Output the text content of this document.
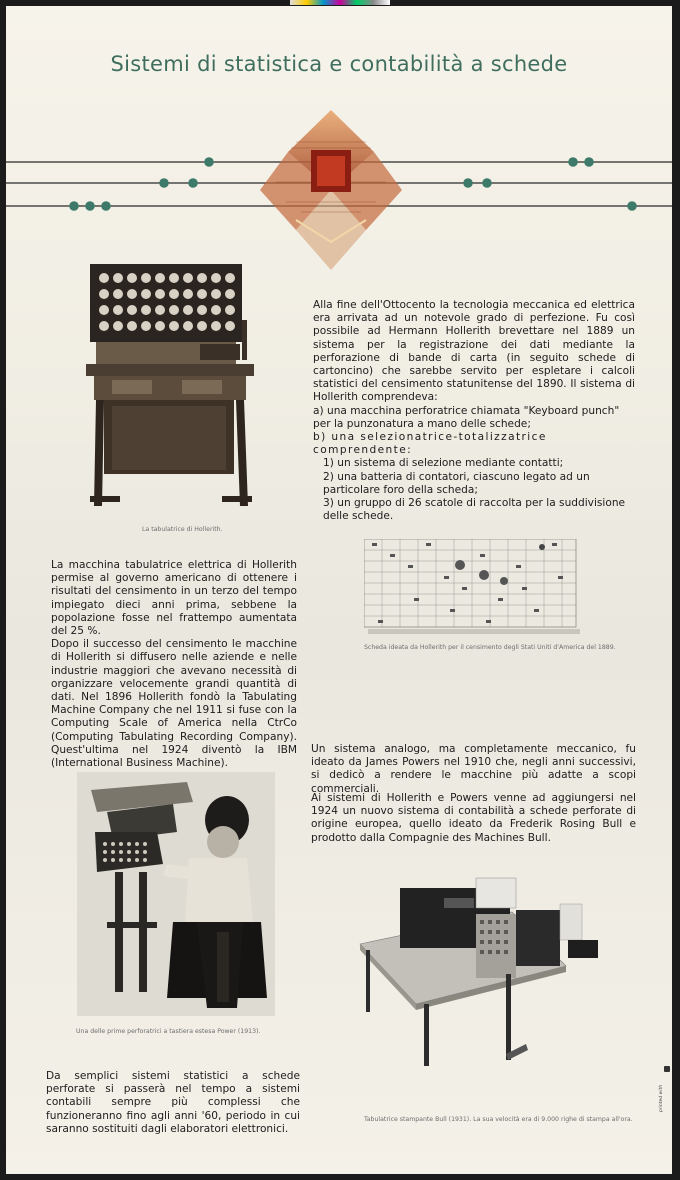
Sistemi di statistica e contabilità a schede
La tabulatrice di Hollerith.
Alla fine dell'Ottocento la tecnologia meccanica ed elettrica era arrivata ad un notevole grado di perfezione. Fu così possibile ad Hermann Hollerith brevettare nel 1889 un sistema per la registrazione dei dati mediante la perforazione di bande di carta (in seguito schede di cartoncino) che sarebbe servito per espletare i calcoli statistici del censimento statunitense del 1890. Il sistema di Hollerith comprendeva:
a) una macchina perforatrice chiamata "Keyboard punch" per la punzonatura a mano delle schede;
b) una selezionatrice-totalizzatrice comprendente:
1) un sistema di selezione mediante contatti;
2) una batteria di contatori, ciascuno legato ad un particolare foro della scheda;
3) un gruppo di 26 scatole di raccolta per la suddivisione delle schede.
La macchina tabulatrice elettrica di Hollerith permise al governo americano di ottenere i risultati del censimento in un terzo del tempo impiegato dieci anni prima, sebbene la popolazione fosse nel frattempo aumentata del 25 %.
Dopo il successo del censimento le macchine di Hollerith si diffusero nelle aziende e nelle industrie maggiori che avevano necessità di organizzare velocemente grandi quantità di dati. Nel 1896 Hollerith fondò la Tabulating Machine Company che nel 1911 si fuse con la Computing Scale of America nella CtrCo (Computing Tabulating Recording Company). Quest'ultima nel 1924 diventò la IBM (International Business Machine).
Scheda ideata da Hollerith per il censimento degli Stati Uniti d'America del 1889.
Un sistema analogo, ma completamente meccanico, fu ideato da James Powers nel 1910 che, negli anni successivi, si dedicò a rendere le macchine più adatte a scopi commerciali.
Ai sistemi di Hollerith e Powers venne ad aggiungersi nel 1924 un nuovo sistema di contabilità a schede perforate di origine europea, quello ideato da Frederik Rosing Bull e prodotto dalla Compagnie des Machines Bull.
Una delle prime perforatrici a tastiera estesa Power (1913).
Tabulatrice stampante Bull (1931). La sua velocità era di 9.000 righe di stampa all'ora.
Da semplici sistemi statistici a schede perforate si passerà nel tempo a sistemi contabili sempre più complessi che funzioneranno fino agli anni '60, periodo in cui saranno sostituiti dagli elaboratori elettronici.
printed with
